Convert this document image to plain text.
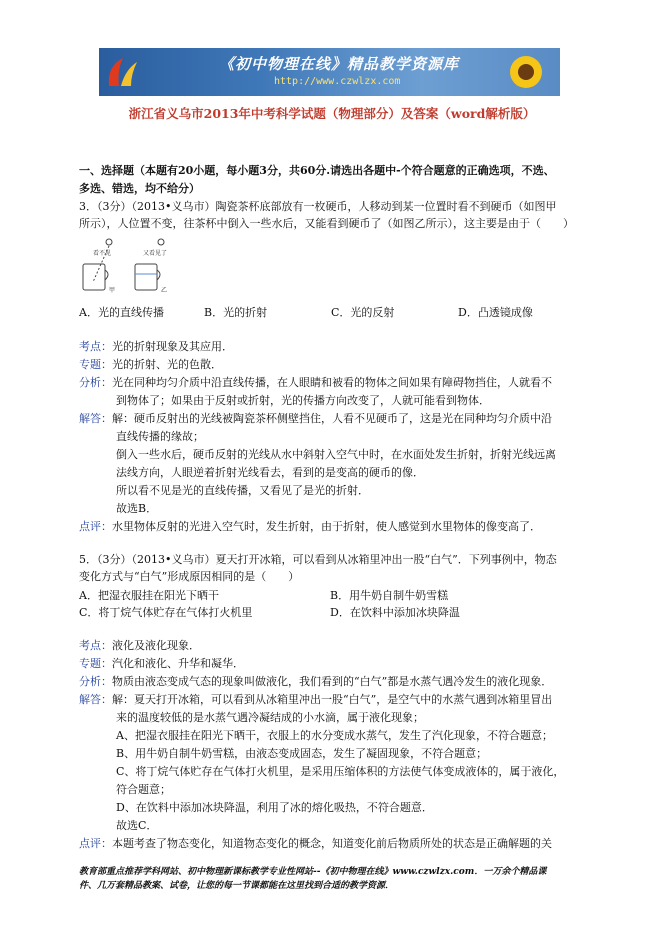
《初中物理在线》精品教学资源库
http://www.czwlzx.com
浙江省义乌市2013年中考科学试题（物理部分）及答案（word解析版）
一、选择题（本题有20小题，每小题3分，共60分.请选出各题中-个符合题意的正确选项，不选、
多选、错选，均不给分）
3．（3分）（2013•义乌市）陶瓷茶杯底部放有一枚硬币，人移动到某一位置时看不到硬币（如图甲
所示），人位置不变，往茶杯中倒入一些水后，又能看到硬币了（如图乙所示），这主要是由于（　　）
看不见	又看见了
甲	乙
A．光的直线传播	B．光的折射	C．光的反射	D．凸透镜成像
考点：光的折射现象及其应用．
专题：光的折射、光的色散．
分析：光在同种均匀介质中沿直线传播，在人眼睛和被看的物体之间如果有障碍物挡住，人就看不
到物体了；如果由于反射或折射，光的传播方向改变了，人就可能看到物体．
解答：解：硬币反射出的光线被陶瓷茶杯侧壁挡住，人看不见硬币了，这是光在同种均匀介质中沿
直线传播的缘故；
倒入一些水后，硬币反射的光线从水中斜射入空气中时，在水面处发生折射，折射光线远离
法线方向，人眼逆着折射光线看去，看到的是变高的硬币的像．
所以看不见是光的直线传播，又看见了是光的折射．
故选B．
点评：水里物体反射的光进入空气时，发生折射，由于折射，使人感觉到水里物体的像变高了．
5．（3分）（2013•义乌市）夏天打开冰箱，可以看到从冰箱里冲出一股“白气”．下列事例中，物态
变化方式与“白气”形成原因相同的是（　　）
A．把湿衣服挂在阳光下晒干	B．用牛奶自制牛奶雪糕
C．将丁烷气体贮存在气体打火机里	D．在饮料中添加冰块降温
考点：液化及液化现象．
专题：汽化和液化、升华和凝华．
分析：物质由液态变成气态的现象叫做液化，我们看到的“白气”都是水蒸气遇冷发生的液化现象．
解答：解：夏天打开冰箱，可以看到从冰箱里冲出一股“白气”，是空气中的水蒸气遇到冰箱里冒出
来的温度较低的是水蒸气遇冷凝结成的小水滴，属于液化现象；
A、把湿衣服挂在阳光下晒干，衣服上的水分变成水蒸气，发生了汽化现象，不符合题意；
B、用牛奶自制牛奶雪糕，由液态变成固态，发生了凝固现象，不符合题意；
C、将丁烷气体贮存在气体打火机里，是采用压缩体积的方法使气体变成液体的，属于液化，
符合题意；
D、在饮料中添加冰块降温，利用了冰的熔化吸热，不符合题意．
故选C．
点评：本题考查了物态变化，知道物态变化的概念，知道变化前后物质所处的状态是正确解题的关
教育部重点推荐学科网站、初中物理新课标教学专业性网站--《初中物理在线》www.czwlzx.com．一万余个精品课
件、几万套精品教案、试卷，让您的每一节课都能在这里找到合适的教学资源．
